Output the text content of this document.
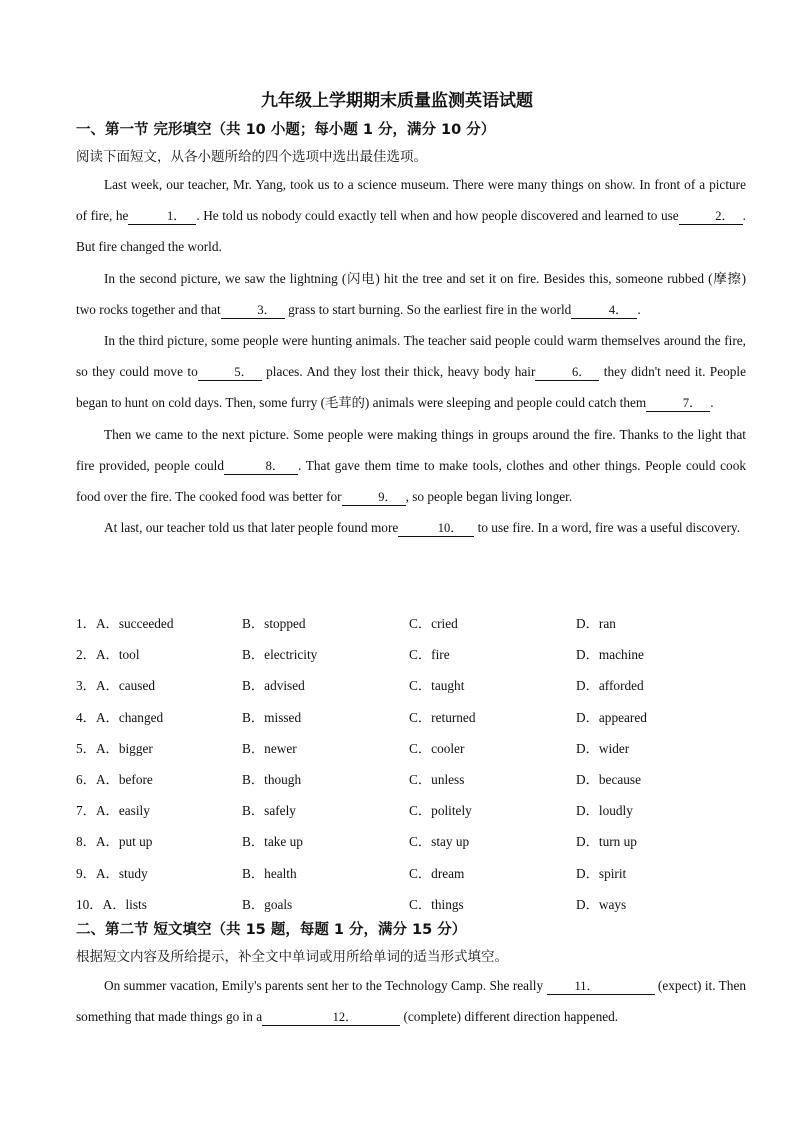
九年级上学期期末质量监测英语试题
一、第一节 完形填空（共 10 小题；每小题 1 分，满分 10 分）
阅读下面短文，从各小题所给的四个选项中选出最佳选项。

Last week, our teacher, Mr. Yang, took us to a science museum. There were many things on show. In front of a picture of fire, he	1． . He told us nobody could exactly tell when and how people discovered and learned to use	2． . But fire changed the world.

In the second picture, we saw the lightning (闪电) hit the tree and set it on fire. Besides this, someone rubbed (摩擦) two rocks together and that	3． grass to start burning. So the earliest fire in the world	4． .

In the third picture, some people were hunting animals. The teacher said people could warm themselves around the fire, so they could move to	5． places. And they lost their thick, heavy body hair	6． they didn't need it. People began to hunt on cold days. Then, some furry (毛茸的) animals were sleeping and people could catch them	7． .

Then we came to the next picture. Some people were making things in groups around the fire. Thanks to the light that fire provided, people could	8． . That gave them time to make tools, clothes and other things. People could cook food over the fire. The cooked food was better for	9． , so people began living longer.

At last, our teacher told us that later people found more	10． to use fire. In a word, fire was a useful discovery.

1．A．succeeded	B．stopped	C．cried	D．ran
2．A．tool	B．electricity	C．fire	D．machine
3．A．caused	B．advised	C．taught	D．afforded
4．A．changed	B．missed	C．returned	D．appeared
5．A．bigger	B．newer	C．cooler	D．wider
6．A．before	B．though	C．unless	D．because
7．A．easily	B．safely	C．politely	D．loudly
8．A．put up	B．take up	C．stay up	D．turn up
9．A．study	B．health	C．dream	D．spirit
10．A．lists	B．goals	C．things	D．ways
二、第二节 短文填空（共 15 题，每题 1 分，满分 15 分）
根据短文内容及所给提示，补全文中单词或用所给单词的适当形式填空。

On summer vacation, Emily's parents sent her to the Technology Camp. She really	11．	(expect) it. Then something that made things go in a	12．	(complete) different direction happened.
